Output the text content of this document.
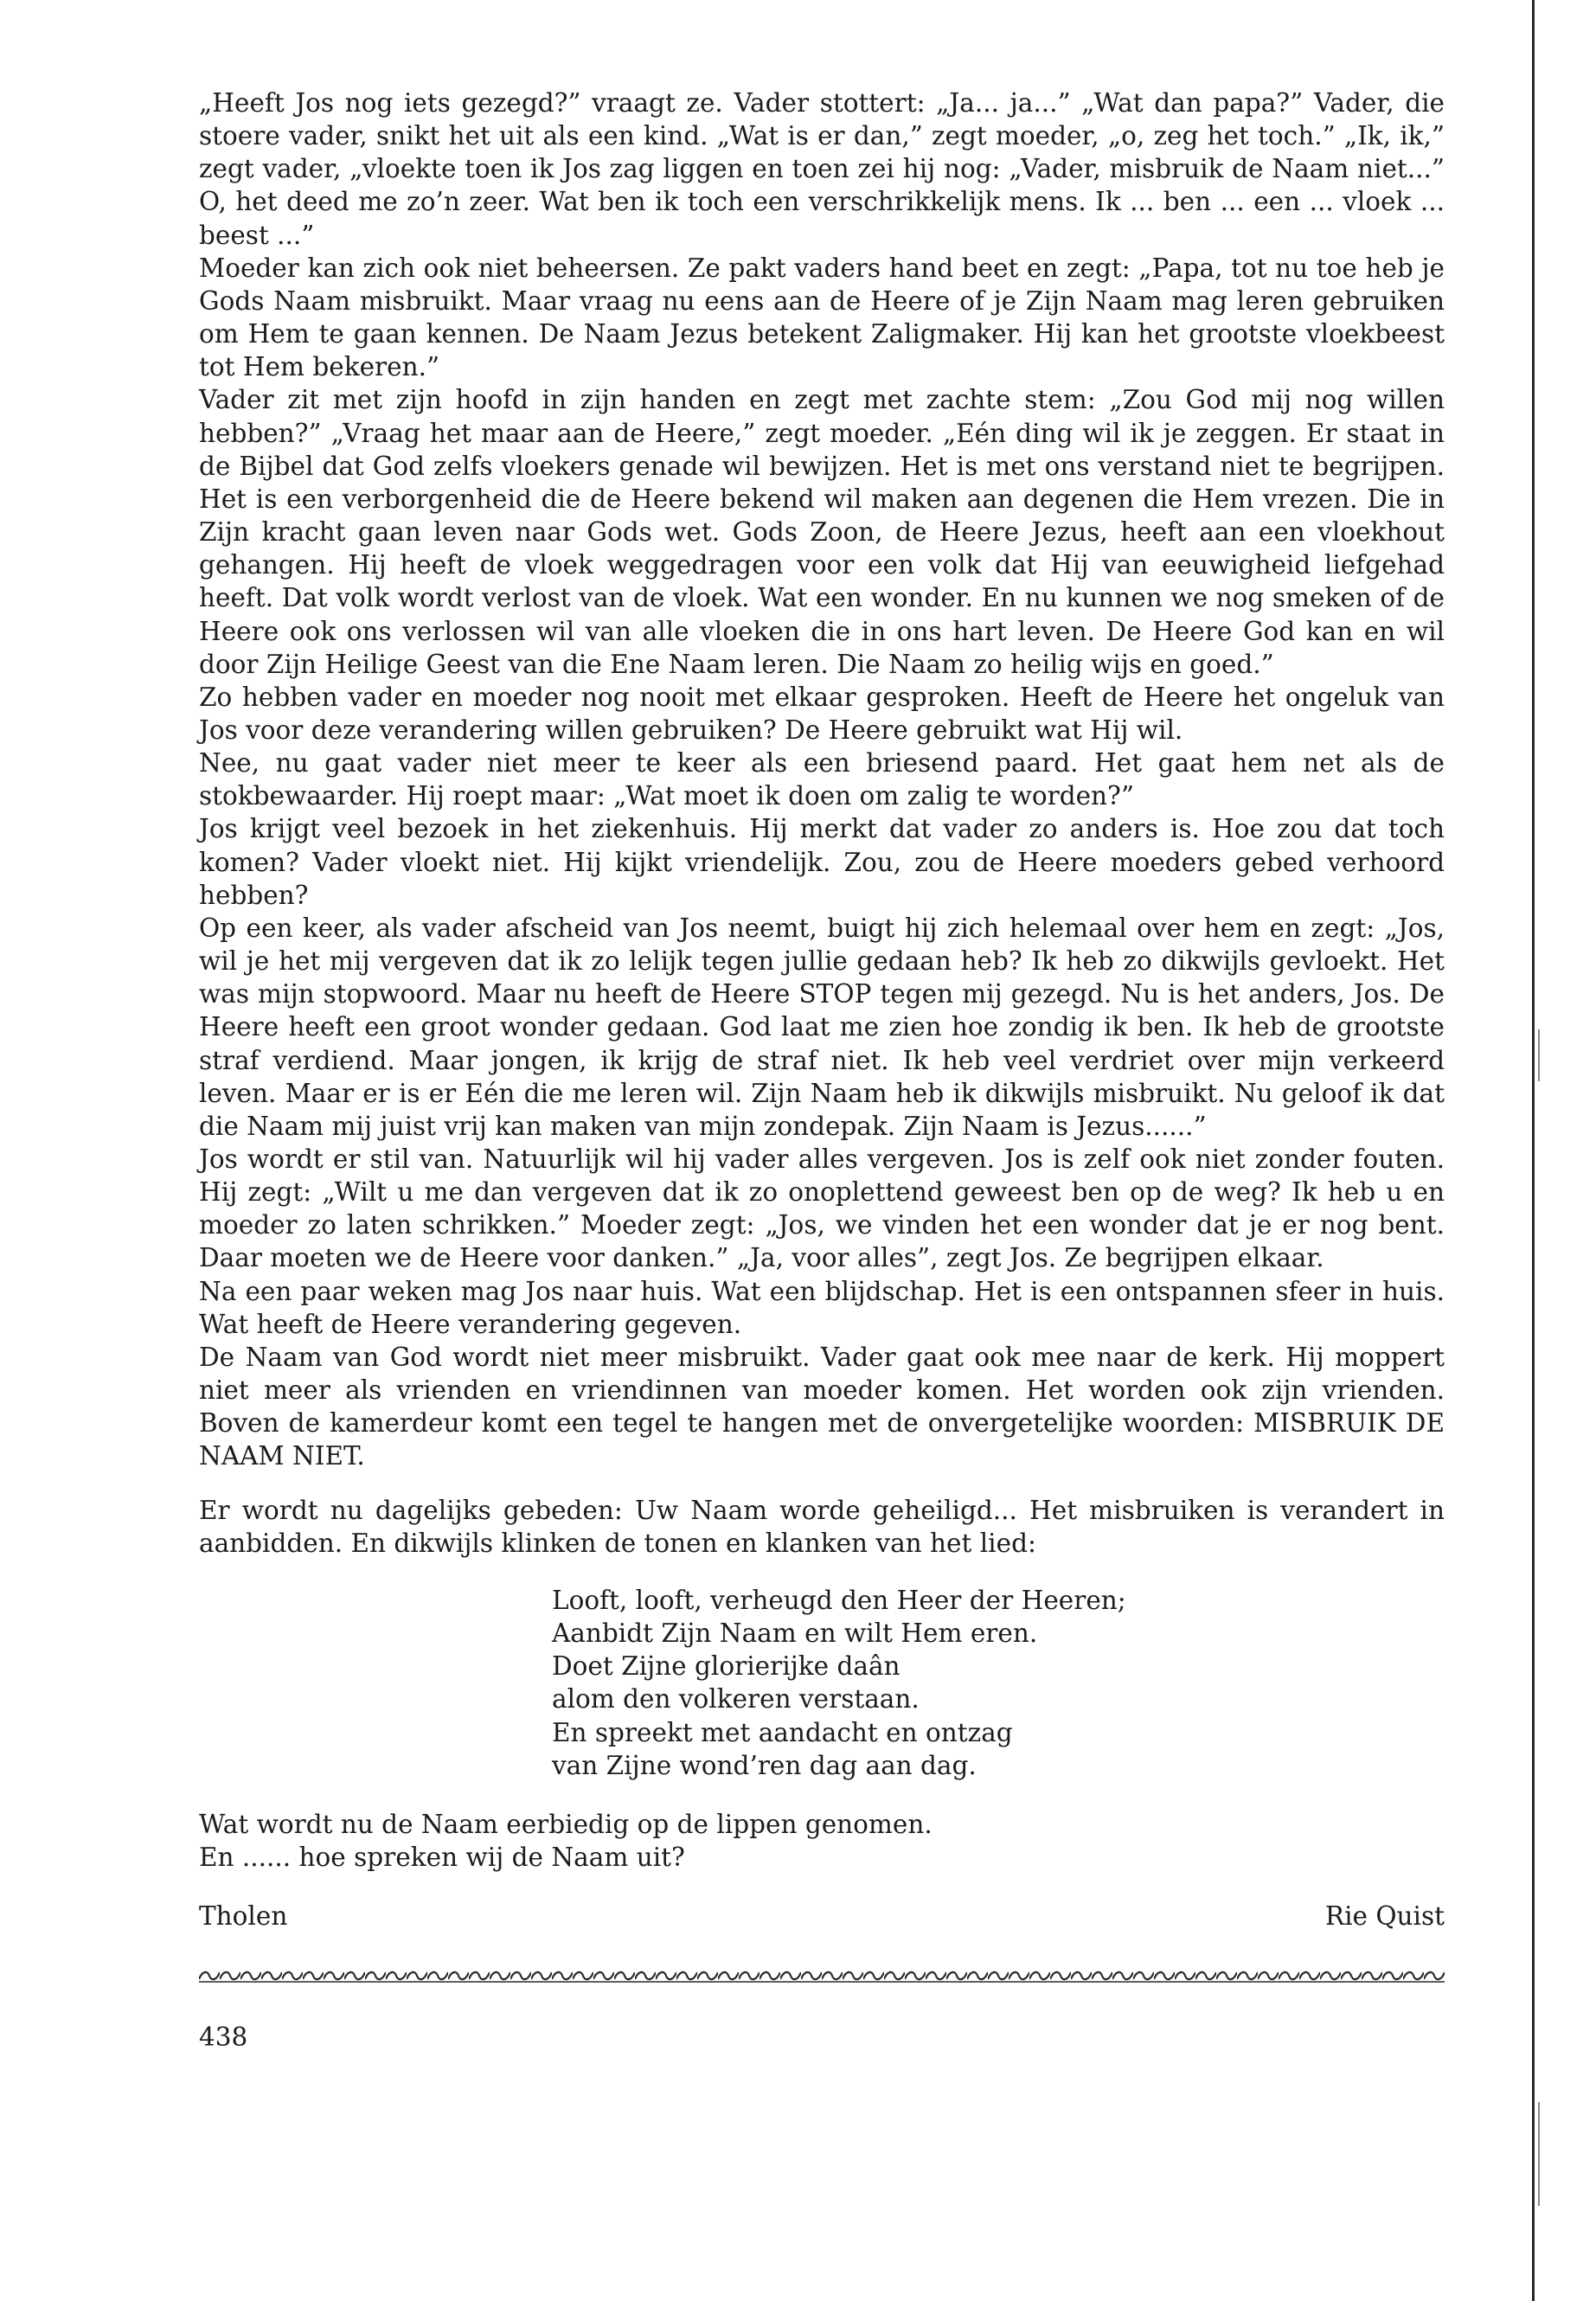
„Heeft Jos nog iets gezegd?” vraagt ze. Vader stottert: „Ja... ja...” „Wat dan papa?” Vader, die stoere vader, snikt het uit als een kind. „Wat is er dan,” zegt moeder, „o, zeg het toch.” „Ik, ik,” zegt vader, „vloekte toen ik Jos zag liggen en toen zei hij nog: „Vader, misbruik de Naam niet...” O, het deed me zo’n zeer. Wat ben ik toch een verschrikkelijk mens. Ik ... ben ... een ... vloek ... beest ...”

Moeder kan zich ook niet beheersen. Ze pakt vaders hand beet en zegt: „Papa, tot nu toe heb je Gods Naam misbruikt. Maar vraag nu eens aan de Heere of je Zijn Naam mag leren gebruiken om Hem te gaan kennen. De Naam Jezus betekent Zaligmaker. Hij kan het grootste vloekbeest tot Hem bekeren.”

Vader zit met zijn hoofd in zijn handen en zegt met zachte stem: „Zou God mij nog willen hebben?” „Vraag het maar aan de Heere,” zegt moeder. „Eén ding wil ik je zeggen. Er staat in de Bijbel dat God zelfs vloekers genade wil bewijzen. Het is met ons verstand niet te begrijpen. Het is een verborgenheid die de Heere bekend wil maken aan degenen die Hem vrezen. Die in Zijn kracht gaan leven naar Gods wet. Gods Zoon, de Heere Jezus, heeft aan een vloekhout gehangen. Hij heeft de vloek weggedragen voor een volk dat Hij van eeuwigheid liefgehad heeft. Dat volk wordt verlost van de vloek. Wat een wonder. En nu kunnen we nog smeken of de Heere ook ons verlossen wil van alle vloeken die in ons hart leven. De Heere God kan en wil door Zijn Heilige Geest van die Ene Naam leren. Die Naam zo heilig wijs en goed.”

Zo hebben vader en moeder nog nooit met elkaar gesproken. Heeft de Heere het ongeluk van Jos voor deze verandering willen gebruiken? De Heere gebruikt wat Hij wil.

Nee, nu gaat vader niet meer te keer als een briesend paard. Het gaat hem net als de stokbewaarder. Hij roept maar: „Wat moet ik doen om zalig te worden?”

Jos krijgt veel bezoek in het ziekenhuis. Hij merkt dat vader zo anders is. Hoe zou dat toch komen? Vader vloekt niet. Hij kijkt vriendelijk. Zou, zou de Heere moeders gebed verhoord hebben?

Op een keer, als vader afscheid van Jos neemt, buigt hij zich helemaal over hem en zegt: „Jos, wil je het mij vergeven dat ik zo lelijk tegen jullie gedaan heb? Ik heb zo dikwijls gevloekt. Het was mijn stopwoord. Maar nu heeft de Heere STOP tegen mij gezegd. Nu is het anders, Jos. De Heere heeft een groot wonder gedaan. God laat me zien hoe zondig ik ben. Ik heb de grootste straf verdiend. Maar jongen, ik krijg de straf niet. Ik heb veel verdriet over mijn verkeerd leven. Maar er is er Eén die me leren wil. Zijn Naam heb ik dikwijls misbruikt. Nu geloof ik dat die Naam mij juist vrij kan maken van mijn zondepak. Zijn Naam is Jezus......”

Jos wordt er stil van. Natuurlijk wil hij vader alles vergeven. Jos is zelf ook niet zonder fouten. Hij zegt: „Wilt u me dan vergeven dat ik zo onoplettend geweest ben op de weg? Ik heb u en moeder zo laten schrikken.” Moeder zegt: „Jos, we vinden het een wonder dat je er nog bent. Daar moeten we de Heere voor danken.” „Ja, voor alles”, zegt Jos. Ze begrijpen elkaar.

Na een paar weken mag Jos naar huis. Wat een blijdschap. Het is een ontspannen sfeer in huis. Wat heeft de Heere verandering gegeven.

De Naam van God wordt niet meer misbruikt. Vader gaat ook mee naar de kerk. Hij moppert niet meer als vrienden en vriendinnen van moeder komen. Het worden ook zijn vrienden. Boven de kamerdeur komt een tegel te hangen met de onvergetelijke woorden: MISBRUIK DE NAAM NIET.

Er wordt nu dagelijks gebeden: Uw Naam worde geheiligd... Het misbruiken is verandert in aanbidden. En dikwijls klinken de tonen en klanken van het lied:

Looft, looft, verheugd den Heer der Heeren;
Aanbidt Zijn Naam en wilt Hem eren.
Doet Zijne glorierijke daân
alom den volkeren verstaan.
En spreekt met aandacht en ontzag
van Zijne wond’ren dag aan dag.
Wat wordt nu de Naam eerbiedig op de lippen genomen.
En ...... hoe spreken wij de Naam uit?
Tholen	Rie Quist
438
